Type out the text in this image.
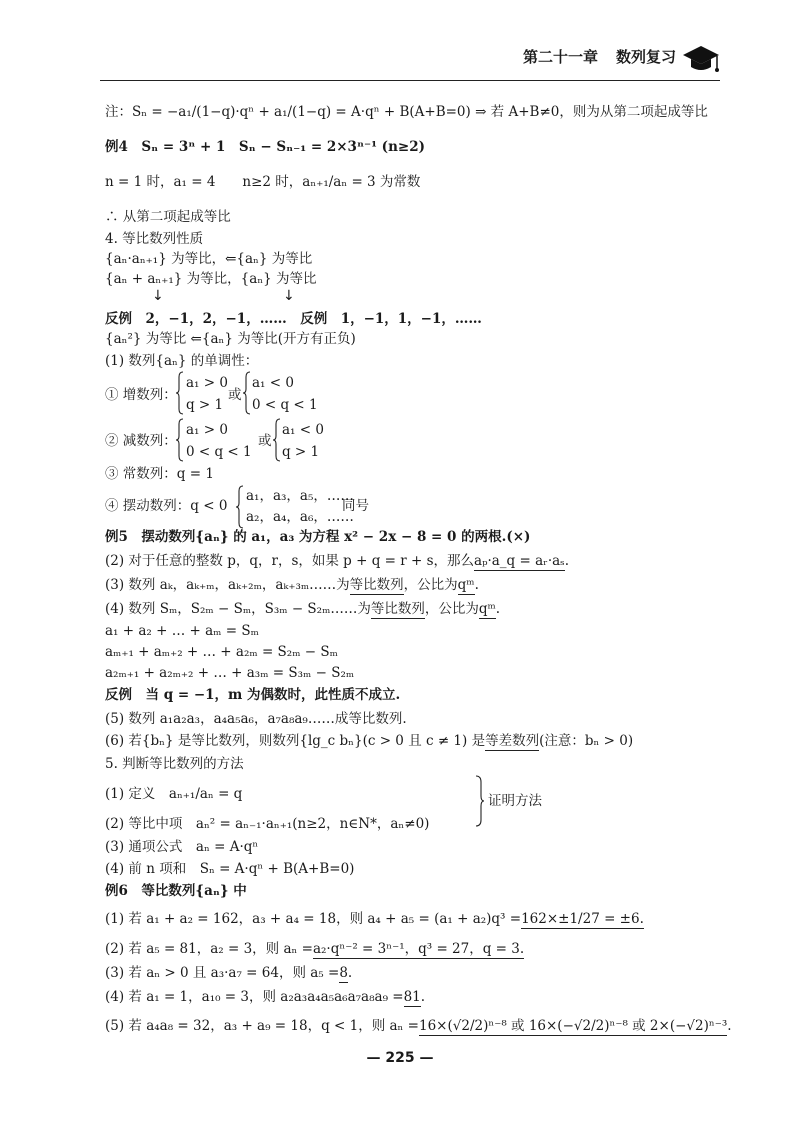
第二十一章 数列复习
注：Sₙ = −a₁/(1−q)·qⁿ + a₁/(1−q) = A·qⁿ + B(A+B=0) ⇒ 若 A+B≠0，则为从第二项起成等比
例4　Sₙ = 3ⁿ + 1　Sₙ − Sₙ₋₁ = 2×3ⁿ⁻¹ (n≥2)
n = 1 时，a₁ = 4　　n≥2 时，aₙ₊₁/aₙ = 3 为常数
∴ 从第二项起成等比
4. 等比数列性质
{aₙ·aₙ₊₁} 为等比，⇐{aₙ} 为等比
{aₙ + aₙ₊₁} 为等比，{aₙ} 为等比
↓	↓
反例　2，−1，2，−1，……　反例　1，−1，1，−1，……
{aₙ²} 为等比 ⇐{aₙ} 为等比(开方有正负)
(1) 数列{aₙ} 的单调性：
① 增数列：
a₁ > 0
q > 1
或
a₁ < 0
0 < q < 1
② 减数列：
a₁ > 0
0 < q < 1
或
a₁ < 0
q > 1
③ 常数列：q = 1
④ 摆动数列：q < 0
a₁，a₃，a₅，……
a₂，a₄，a₆，……
同号
例5　摆动数列{aₙ} 的 a₁，a₃ 为方程 x² − 2x − 8 = 0 的两根.(×)
(2) 对于任意的整数 p，q，r，s，如果 p + q = r + s，那么aₚ·a_q = aᵣ·aₛ.
(3) 数列 aₖ，aₖ₊ₘ，aₖ₊₂ₘ，aₖ₊₃ₘ……为等比数列，公比为qᵐ.
(4) 数列 Sₘ，S₂ₘ − Sₘ，S₃ₘ − S₂ₘ……为等比数列，公比为qᵐ.
a₁ + a₂ + … + aₘ = Sₘ
aₘ₊₁ + aₘ₊₂ + … + a₂ₘ = S₂ₘ − Sₘ
a₂ₘ₊₁ + a₂ₘ₊₂ + … + a₃ₘ = S₃ₘ − S₂ₘ
反例　当 q = −1，m 为偶数时，此性质不成立.
(5) 数列 a₁a₂a₃，a₄a₅a₆，a₇a₈a₉……成等比数列.
(6) 若{bₙ} 是等比数列，则数列{lg_c bₙ}(c > 0 且 c ≠ 1) 是等差数列(注意：bₙ > 0)
5. 判断等比数列的方法
(1) 定义　aₙ₊₁/aₙ = q
(2) 等比中项　aₙ² = aₙ₋₁·aₙ₊₁(n≥2，n∈N*，aₙ≠0)
证明方法
(3) 通项公式　aₙ = A·qⁿ
(4) 前 n 项和　Sₙ = A·qⁿ + B(A+B=0)
例6　等比数列{aₙ} 中
(1) 若 a₁ + a₂ = 162，a₃ + a₄ = 18，则 a₄ + a₅ = (a₁ + a₂)q³ =162×±1/27 = ±6.
(2) 若 a₅ = 81，a₂ = 3，则 aₙ =a₂·qⁿ⁻² = 3ⁿ⁻¹，q³ = 27，q = 3.
(3) 若 aₙ > 0 且 a₃·a₇ = 64，则 a₅ =8.
(4) 若 a₁ = 1，a₁₀ = 3，则 a₂a₃a₄a₅a₆a₇a₈a₉ =81.
(5) 若 a₄a₈ = 32，a₃ + a₉ = 18，q < 1，则 aₙ =16×(√2/2)ⁿ⁻⁸ 或 16×(−√2/2)ⁿ⁻⁸ 或 2×(−√2)ⁿ⁻³.
— 225 —
